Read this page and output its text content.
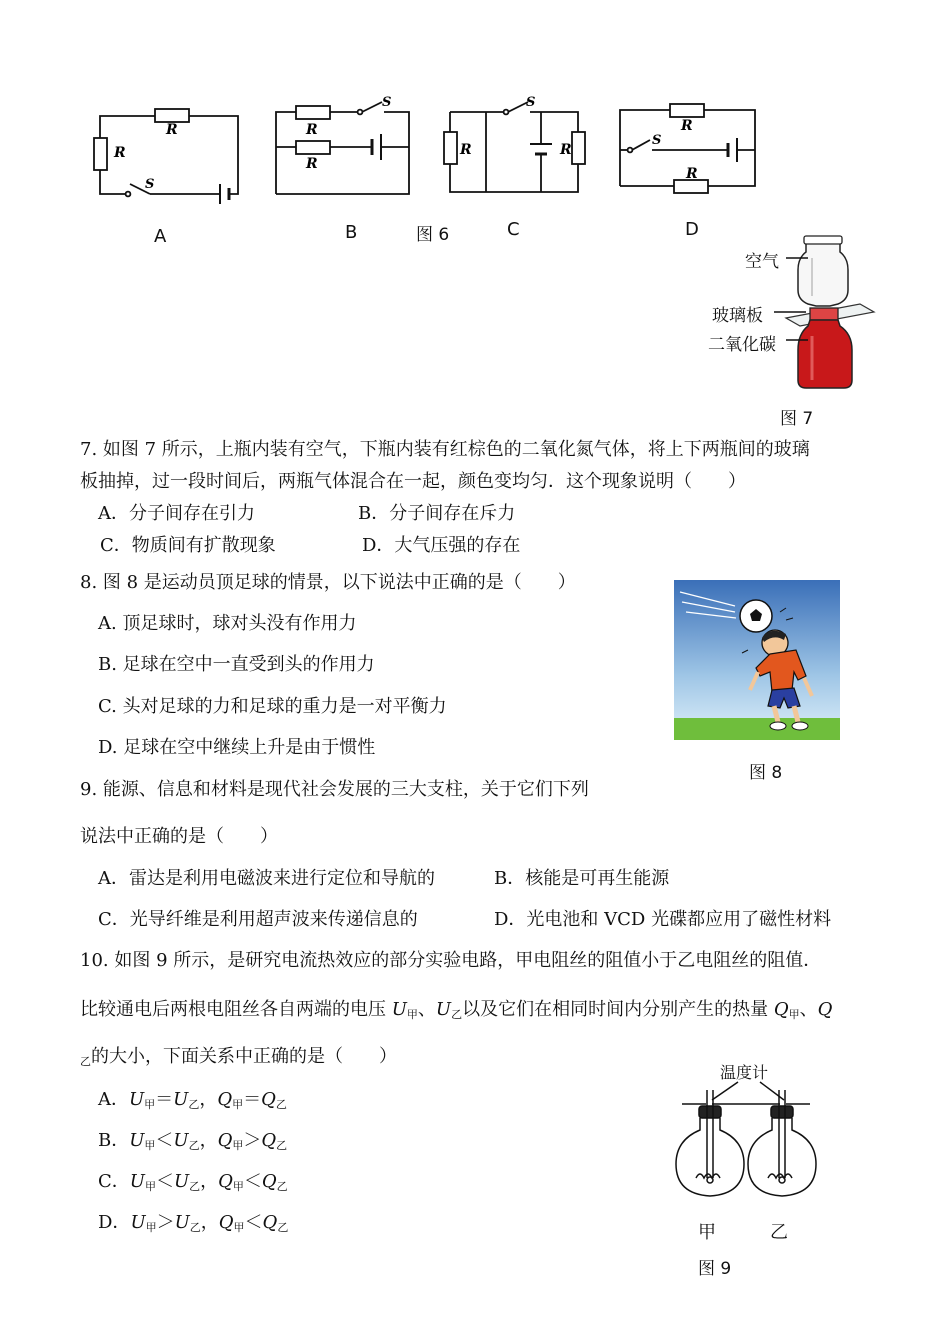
R
R
S
R
R
S
R	R
S
R
R
S
A	B	图 6	C	D
空气
玻璃板
二氧化碳
图 7
7. 如图 7 所示，上瓶内装有空气，下瓶内装有红棕色的二氧化氮气体，将上下两瓶间的玻璃
板抽掉，过一段时间后，两瓶气体混合在一起，颜色变均匀．这个现象说明（　　）
A．分子间存在引力	B．分子间存在斥力
C．物质间有扩散现象	D．大气压强的存在
8. 图 8 是运动员顶足球的情景，以下说法中正确的是（　　）
A. 顶足球时，球对头没有作用力
B. 足球在空中一直受到头的作用力
C. 头对足球的力和足球的重力是一对平衡力
D. 足球在空中继续上升是由于惯性
图 8
9. 能源、信息和材料是现代社会发展的三大支柱，关于它们下列
说法中正确的是（　　）
A．雷达是利用电磁波来进行定位和导航的	B．核能是可再生能源
C．光导纤维是利用超声波来传递信息的	D．光电池和 VCD 光碟都应用了磁性材料
10. 如图 9 所示，是研究电流热效应的部分实验电路，甲电阻丝的阻值小于乙电阻丝的阻值．
比较通电后两根电阻丝各自两端的电压 $U_甲$、$U_乙$以及它们在相同时间内分别产生的热量 $Q_甲$、Q
$_乙$的大小，下面关系中正确的是（　　）
A．$U_甲=U_乙$，$Q_甲=Q_乙$
B．$U_甲<U_乙$，$Q_甲>Q_乙$
C．$U_甲<U_乙$，$Q_甲<Q_乙$
D．$U_甲>U_乙$，$Q_甲<Q_乙$
温度计
甲	乙
图 9
